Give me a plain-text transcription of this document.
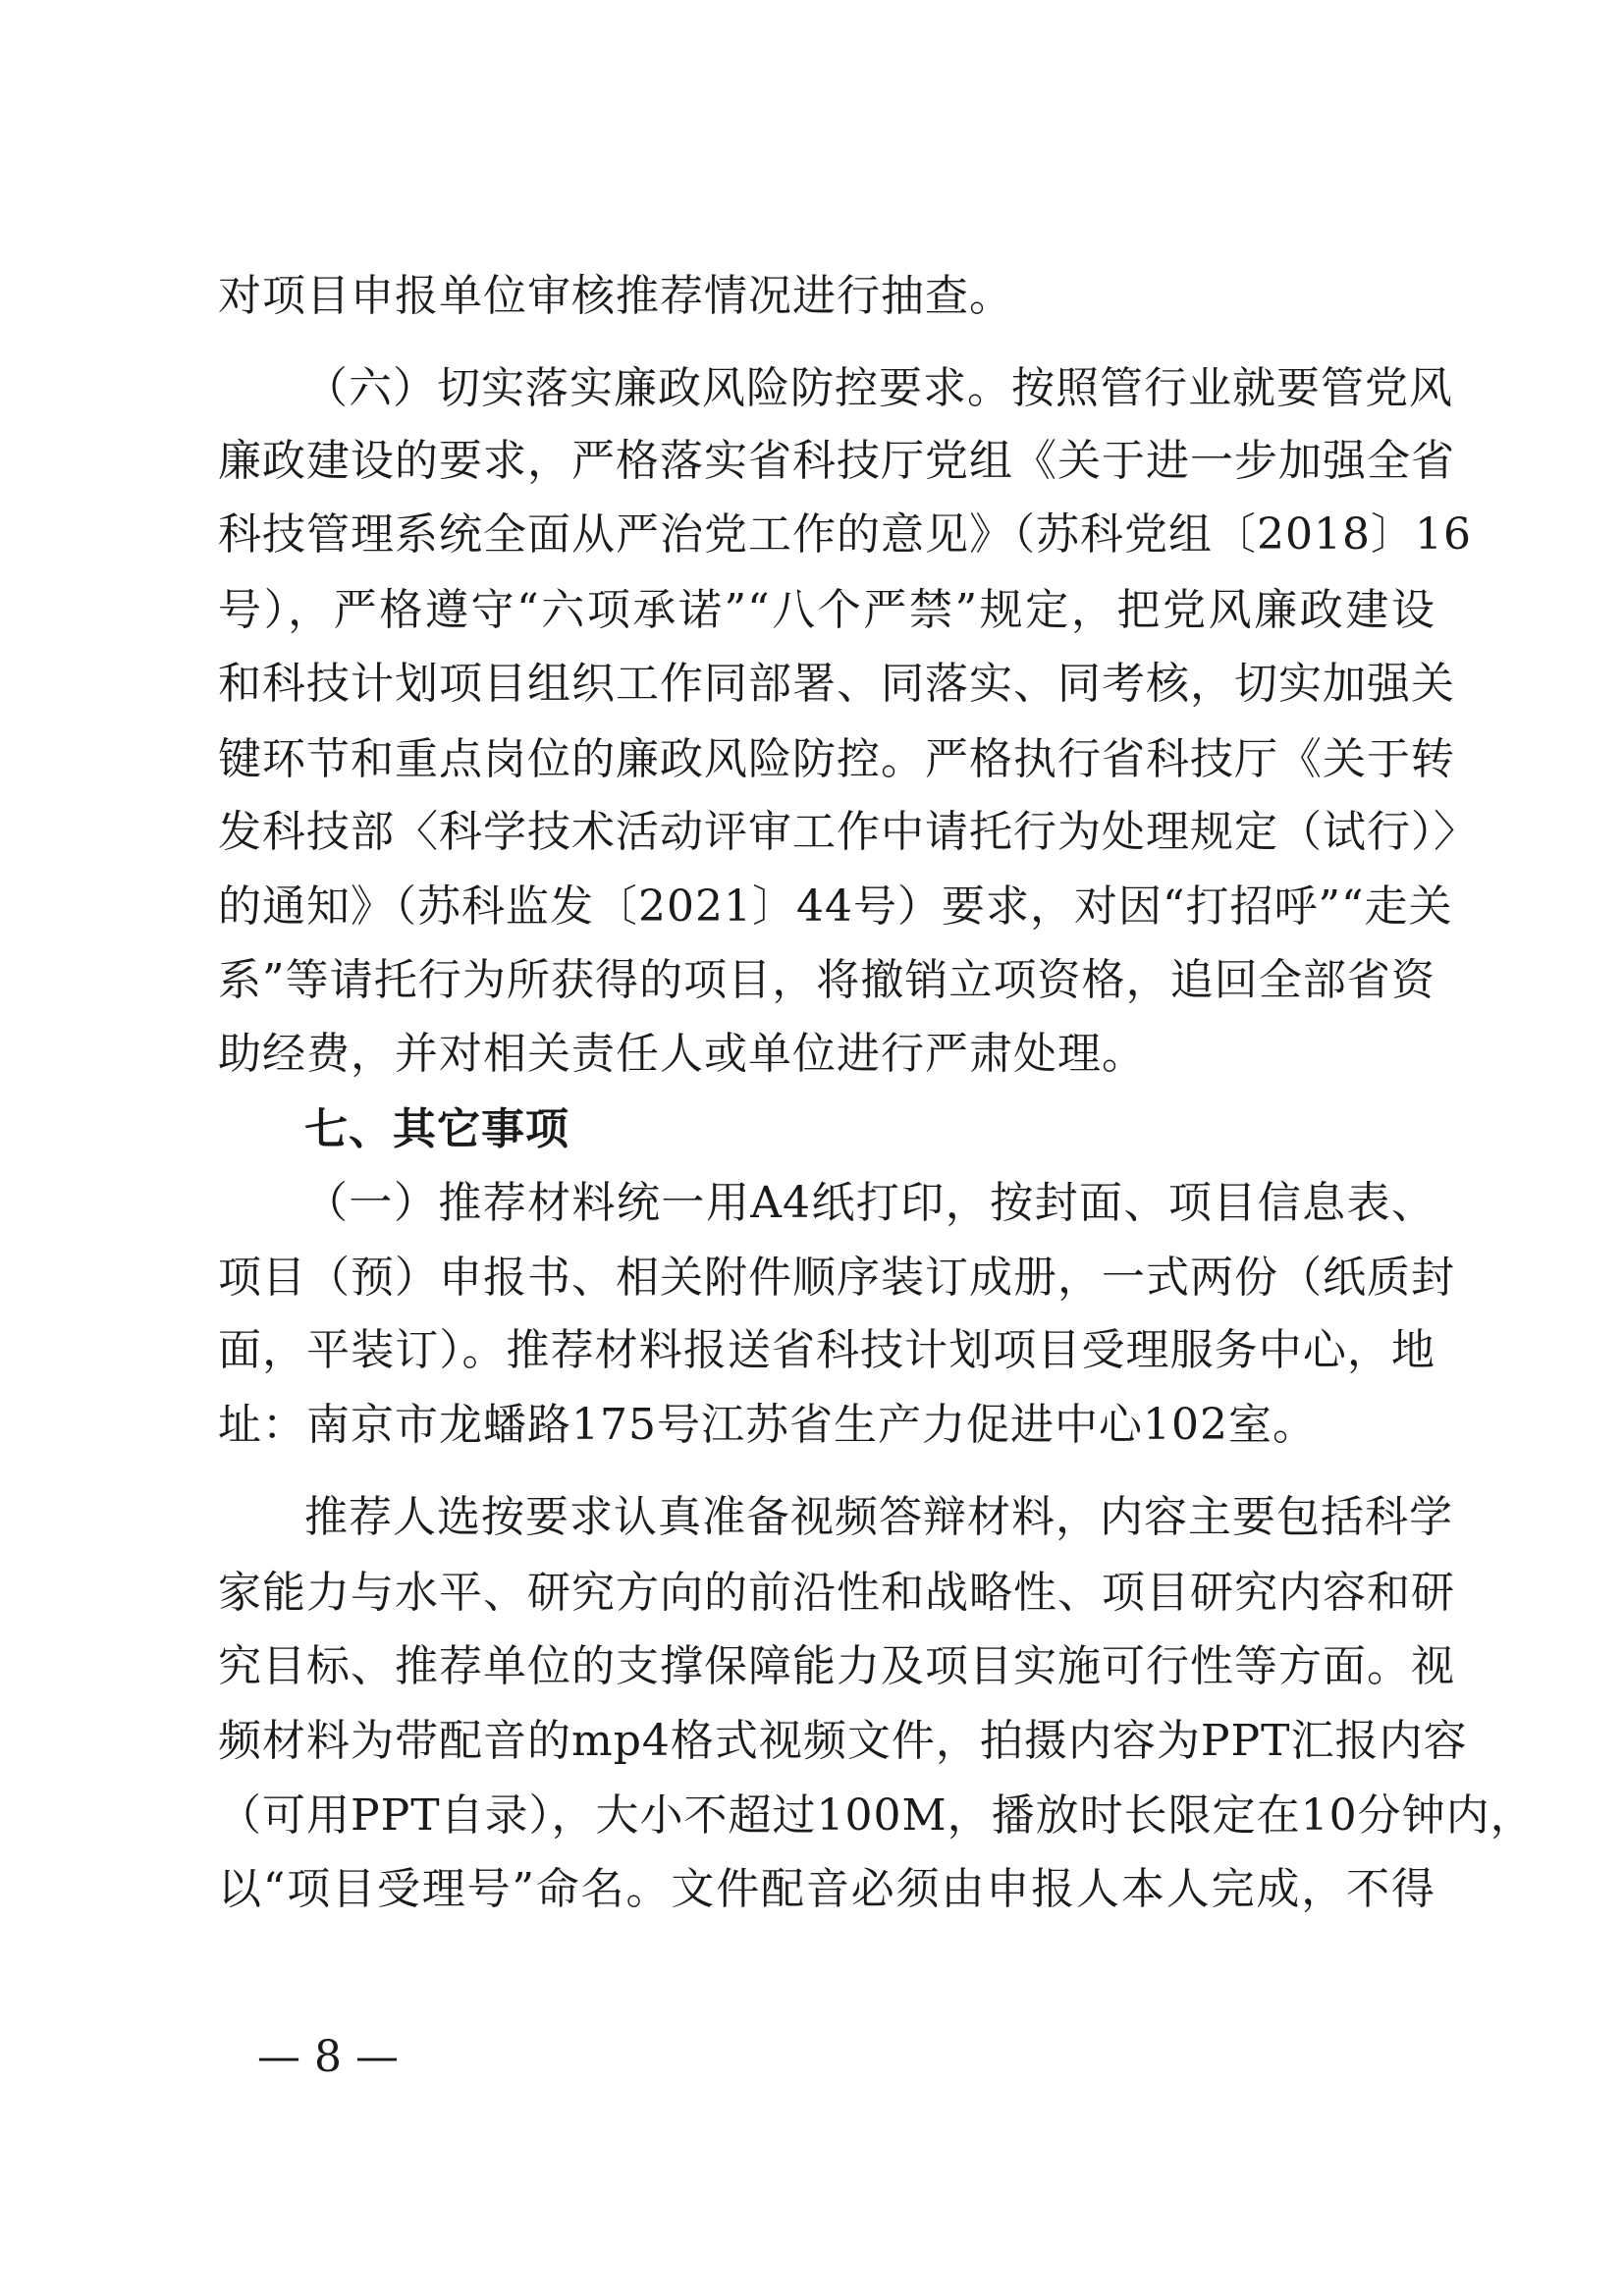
对项目申报单位审核推荐情况进行抽查。
（六）切实落实廉政风险防控要求。按照管行业就要管党风
廉政建设的要求，严格落实省科技厅党组《关于进一步加强全省
科技管理系统全面从严治党工作的意见》（苏科党组〔2018〕16
号），严格遵守“六项承诺”“八个严禁”规定，把党风廉政建设
和科技计划项目组织工作同部署、同落实、同考核，切实加强关
键环节和重点岗位的廉政风险防控。严格执行省科技厅《关于转
发科技部〈科学技术活动评审工作中请托行为处理规定（试行）〉
的通知》（苏科监发〔2021〕44号）要求，对因“打招呼”“走关
系”等请托行为所获得的项目，将撤销立项资格，追回全部省资
助经费，并对相关责任人或单位进行严肃处理。
七、其它事项
（一）推荐材料统一用A4纸打印，按封面、项目信息表、
项目（预）申报书、相关附件顺序装订成册，一式两份（纸质封
面，平装订）。推荐材料报送省科技计划项目受理服务中心，地
址：南京市龙蟠路175号江苏省生产力促进中心102室。
推荐人选按要求认真准备视频答辩材料，内容主要包括科学
家能力与水平、研究方向的前沿性和战略性、项目研究内容和研
究目标、推荐单位的支撑保障能力及项目实施可行性等方面。视
频材料为带配音的mp4格式视频文件，拍摄内容为PPT汇报内容
（可用PPT自录），大小不超过100M，播放时长限定在10分钟内，
以“项目受理号”命名。文件配音必须由申报人本人完成，不得
— 8 —
